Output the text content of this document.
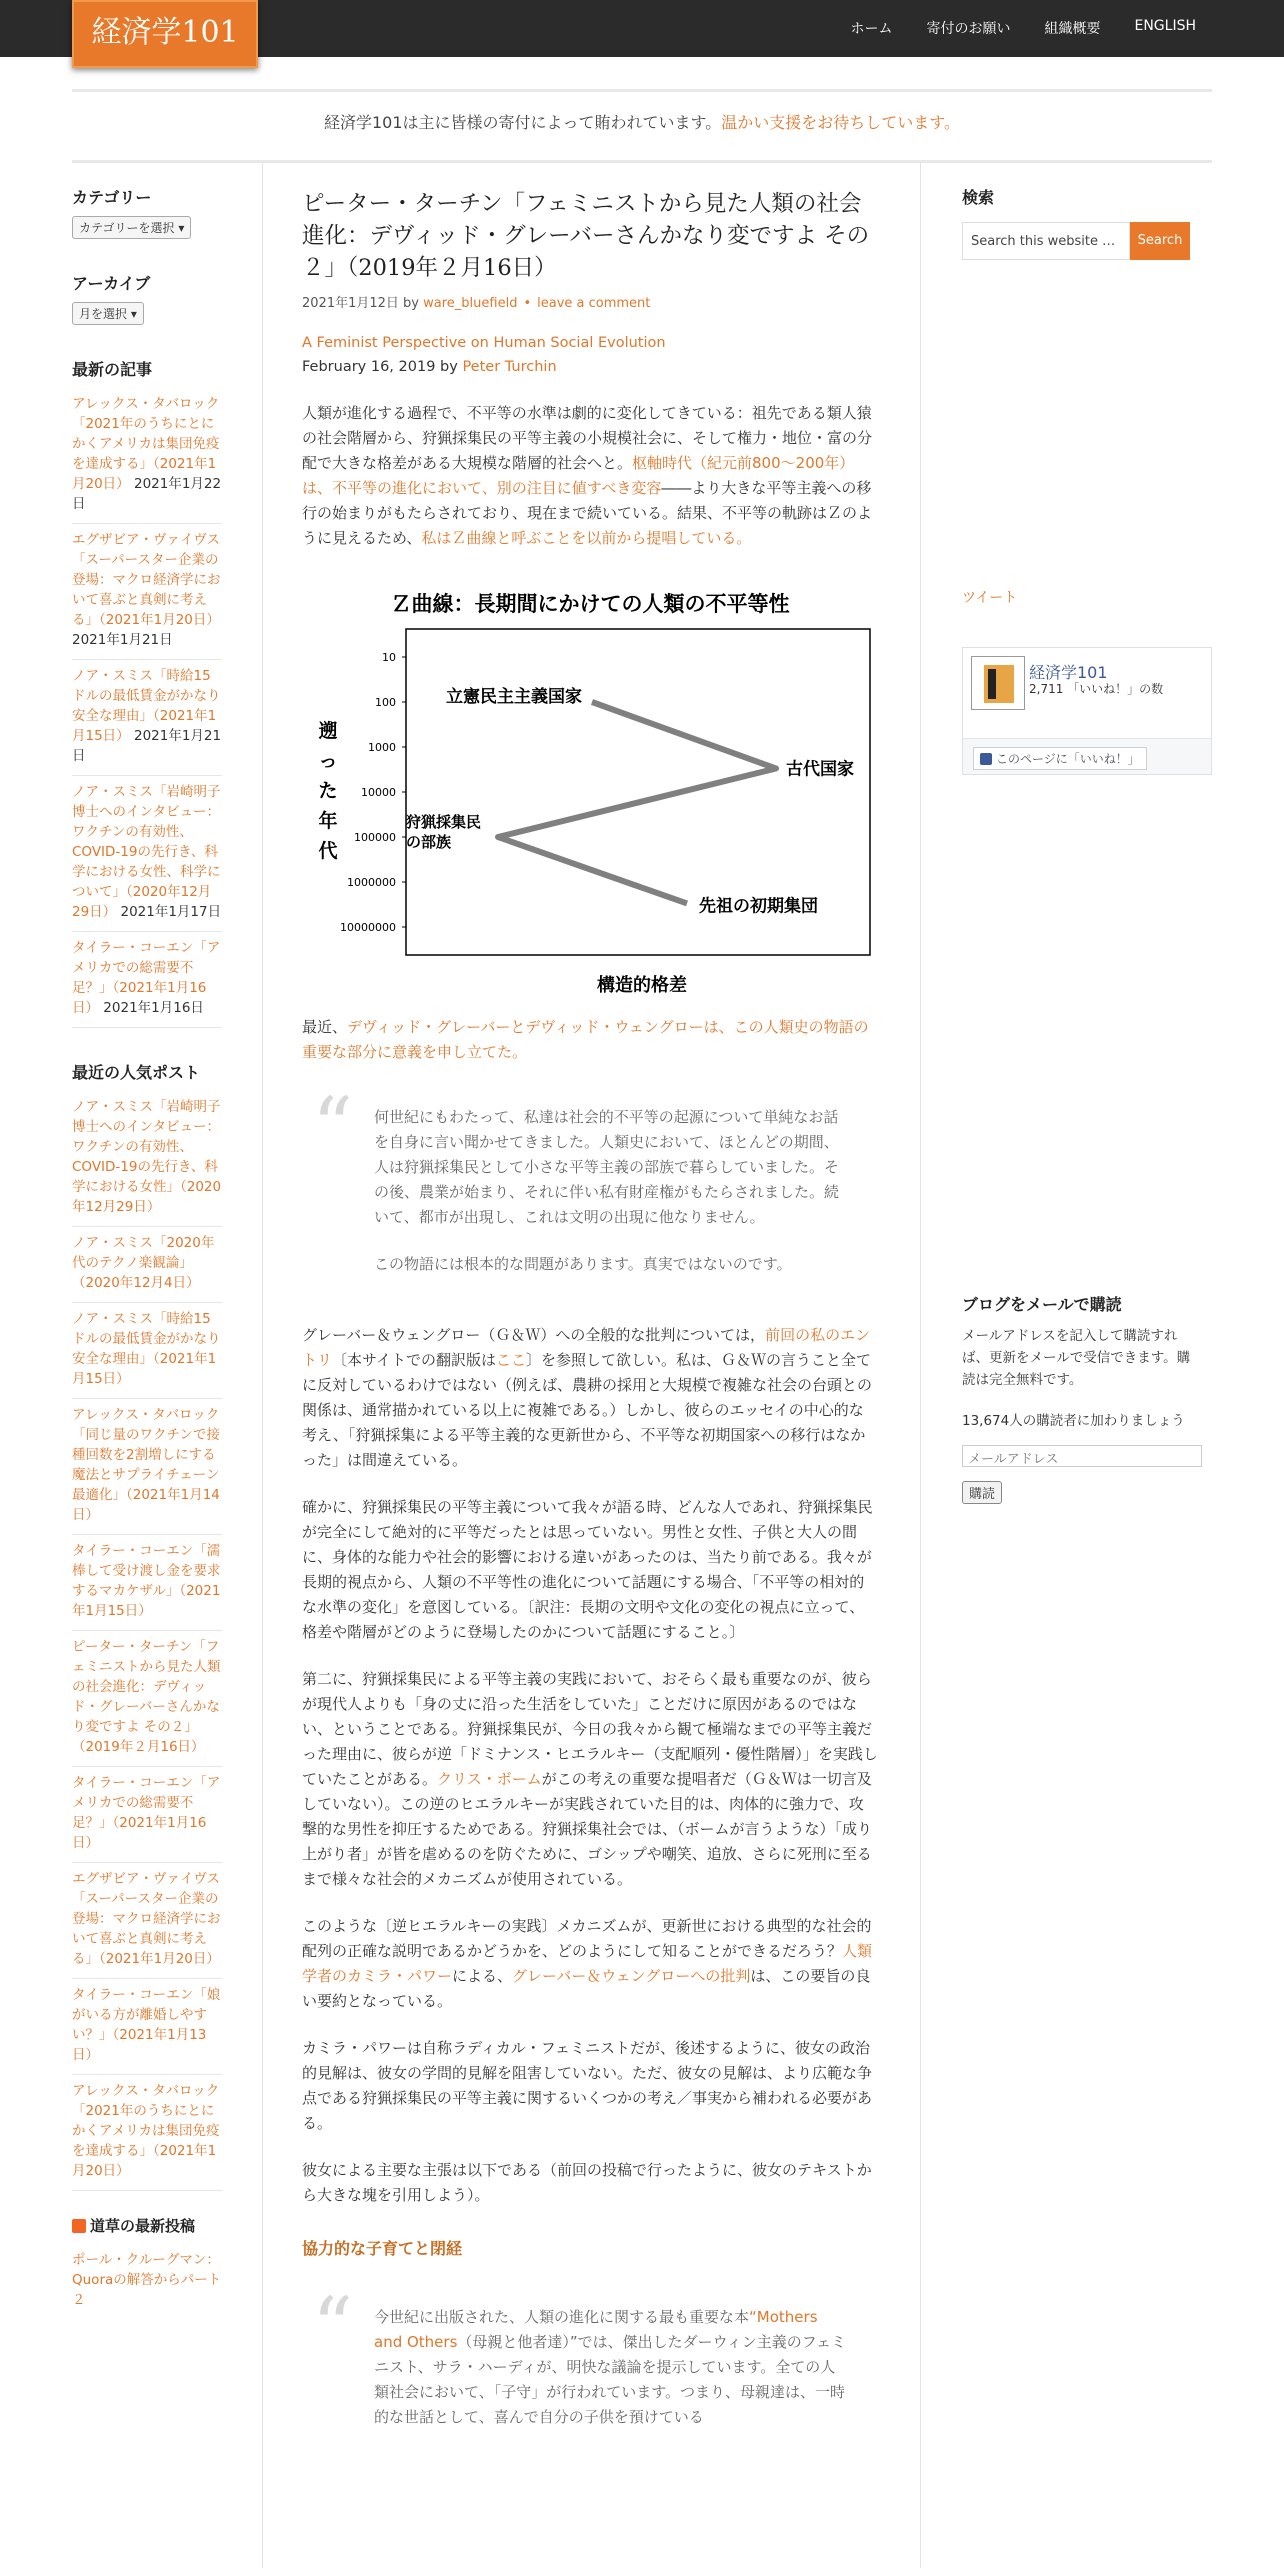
経済学101	ホーム 寄付のお願い 組織概要 ENGLISH
経済学101は主に皆様の寄付によって賄われています。温かい支援をお待ちしています。
カテゴリー
カテゴリーを選択 ▾
アーカイブ
月を選択 ▾
最新の記事
アレックス・タバロック「2021年のうちにとにかくアメリカは集団免疫を達成する」（2021年1月20日） 2021年1月22日
エグザビア・ヴァイヴス 「スーパースター企業の登場：マクロ経済学において喜ぶと真剣に考える」（2021年1月20日） 2021年1月21日
ノア・スミス「時給15ドルの最低賃金がかなり安全な理由」（2021年1月15日） 2021年1月21日
ノア・スミス「岩崎明子博士へのインタビュー：ワクチンの有効性、COVID-19の先行き、科学における女性、科学について」（2020年12月29日） 2021年1月17日
タイラー・コーエン「アメリカでの総需要不足？」（2021年1月16日） 2021年1月16日
最近の人気ポスト
ノア・スミス「岩崎明子博士へのインタビュー：ワクチンの有効性、COVID-19の先行き、科学における女性」（2020年12月29日）
ノア・スミス「2020年代のテクノ楽観論」（2020年12月4日）
ノア・スミス「時給15ドルの最低賃金がかなり安全な理由」（2021年1月15日）
アレックス・タバロック「同じ量のワクチンで接種回数を2割増しにする魔法とサプライチェーン最適化」（2021年1月14日）
タイラー・コーエン「濡棒して受け渡し金を要求するマカケザル」（2021年1月15日）
ピーター・ターチン「フェミニストから見た人類の社会進化：デヴィッド・グレーバーさんかなり変ですよ その２」（2019年２月16日）
タイラー・コーエン「アメリカでの総需要不足？」（2021年1月16日）
エグザビア・ヴァイヴス 「スーパースター企業の登場：マクロ経済学において喜ぶと真剣に考える」（2021年1月20日）
タイラー・コーエン「娘がいる方が離婚しやすい？」（2021年1月13日）
アレックス・タバロック「2021年のうちにとにかくアメリカは集団免疫を達成する」（2021年1月20日）
道草の最新投稿
ポール・クルーグマン：Quoraの解答からパート２
ピーター・ターチン「フェミニストから見た人類の社会進化：デヴィッド・グレーバーさんかなり変ですよ その２」（2019年２月16日）
2021年1月12日 by ware_bluefield • leave a comment
A Feminist Perspective on Human Social Evolution
February 16, 2019 by Peter Turchin

人類が進化する過程で、不平等の水準は劇的に変化してきている：祖先である類人猿の社会階層から、狩猟採集民の平等主義の小規模社会に、そして権力・地位・富の分配で大きな格差がある大規模な階層的社会へと。枢軸時代（紀元前800～200年）は、不平等の進化において、別の注目に値すべき変容――より大きな平等主義への移行の始まりがもたらされており、現在まで続いている。結果、不平等の軌跡はＺのように見えるため、私はＺ曲線と呼ぶことを以前から提唱している。

Ｚ曲線：長期間にかけての人類の不平等性
10
100
1000
10000
100000
1000000
10000000
遡った年代
構造的格差
立憲民主主義国家
古代国家
狩猟採集民の部族
先祖の初期集団

最近、デヴィッド・グレーバーとデヴィッド・ウェングローは、この人類史の物語の重要な部分に意義を申し立てた。

“ 何世紀にもわたって、私達は社会的不平等の起源について単純なお話を自身に言い聞かせてきました。人類史において、ほとんどの期間、人は狩猟採集民として小さな平等主義の部族で暮らしていました。その後、農業が始まり、それに伴い私有財産権がもたらされました。続いて、都市が出現し、これは文明の出現に他なりません。

この物語には根本的な問題があります。真実ではないのです。

グレーバー＆ウェングロー（Ｇ＆Ｗ）への全般的な批判については，前回の私のエントリ〔本サイトでの翻訳版はここ〕を参照して欲しい。私は、Ｇ＆Ｗの言うこと全てに反対しているわけではない（例えば、農耕の採用と大規模で複雑な社会の台頭との関係は、通常描かれている以上に複雑である。）しかし、彼らのエッセイの中心的な考え、「狩猟採集による平等主義的な更新世から、不平等な初期国家への移行はなかった」は間違えている。

確かに、狩猟採集民の平等主義について我々が語る時、どんな人であれ、狩猟採集民が完全にして絶対的に平等だったとは思っていない。男性と女性、子供と大人の間に、身体的な能力や社会的影響における違いがあったのは、当たり前である。我々が長期的視点から、人類の不平等性の進化について話題にする場合、「不平等の相対的な水準の変化」を意図している。〔訳注：長期の文明や文化の変化の視点に立って、格差や階層がどのように登場したのかについて話題にすること。〕

第二に、狩猟採集民による平等主義の実践において、おそらく最も重要なのが、彼らが現代人よりも「身の丈に沿った生活をしていた」ことだけに原因があるのではない、ということである。狩猟採集民が、今日の我々から観て極端なまでの平等主義だった理由に、彼らが逆「ドミナンス・ヒエラルキー（支配順列・優性階層）」を実践していたことがある。クリス・ボームがこの考えの重要な提唱者だ（Ｇ＆Ｗは一切言及していない）。この逆のヒエラルキーが実践されていた目的は、肉体的に強力で、攻撃的な男性を抑圧するためである。狩猟採集社会では、（ボームが言うような）「成り上がり者」が皆を虐めるのを防ぐために、ゴシップや嘲笑、追放、さらに死刑に至るまで様々な社会的メカニズムが使用されている。

このような〔逆ヒエラルキーの実践〕メカニズムが、更新世における典型的な社会的配列の正確な説明であるかどうかを、どのようにして知ることができるだろう？人類学者のカミラ・パワーによる、グレーバー＆ウェングローへの批判は、この要旨の良い要約となっている。

カミラ・パワーは自称ラディカル・フェミニストだが、後述するように、彼女の政治的見解は、彼女の学問的見解を阻害していない。ただ、彼女の見解は、より広範な争点である狩猟採集民の平等主義に関するいくつかの考え／事実から補われる必要がある。

彼女による主要な主張は以下である（前回の投稿で行ったように、彼女のテキストから大きな塊を引用しよう）。

協力的な子育てと閉経
“ 今世紀に出版された、人類の進化に関する最も重要な本“Mothers and Others（母親と他者達）”では、傑出したダーウィン主義のフェミニスト、サラ・ハーディが、明快な議論を提示しています。全ての人類社会において、「子守」が行われています。つまり、母親達は、一時的な世話として、喜んで自分の子供を預けている

検索
Search this website …	Search
ツイート
経済学101
2,711 「いいね！」の数
このページに「いいね！」
ブログをメールで購読
メールアドレスを記入して購読すれば、更新をメールで受信できます。購読は完全無料です。
13,674人の購読者に加わりましょう
メールアドレス
購読
